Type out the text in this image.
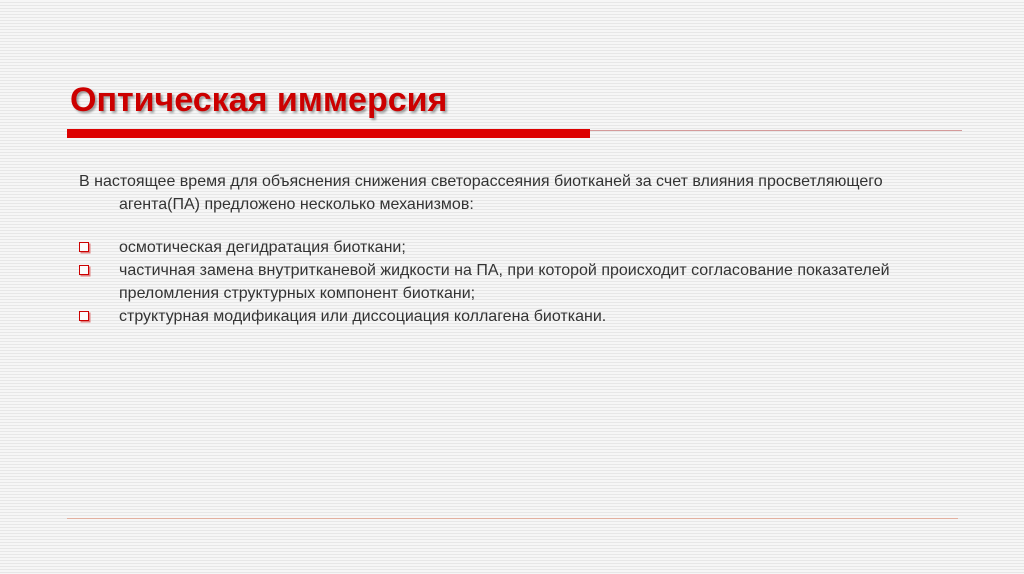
Оптическая иммерсия

В настоящее время для объяснения снижения светорассеяния биотканей за счет влияния просветляющего агента(ПА) предложено несколько механизмов:

осмотическая дегидратация биоткани;
частичная замена внутритканевой жидкости на ПА, при которой происходит согласование показателей преломления структурных компонент биоткани;
структурная модификация или диссоциация коллагена биоткани.
